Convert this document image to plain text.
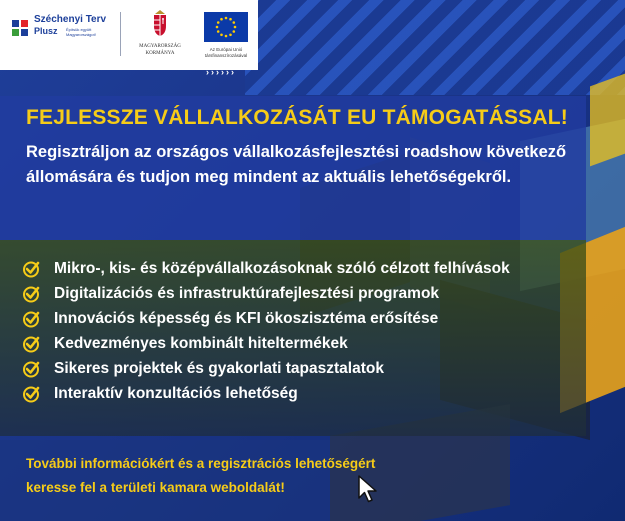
Széchenyi Terv
Plusz Építsük együtt Magyarországot!
MAGYARORSZÁG
KORMÁNYA
Az Európai Unió
társfinanszírozásával
› › › › › ›
FEJLESSZE VÁLLALKOZÁSÁT EU TÁMOGATÁSSAL!
Regisztráljon az országos vállalkozásfejlesztési roadshow következő állomására és tudjon meg mindent az aktuális lehetőségekről.
Mikro-, kis- és középvállalkozásoknak szóló célzott felhívások
Digitalizációs és infrastruktúrafejlesztési programok
Innovációs képesség és KFI ökoszisztéma erősítése
Kedvezményes kombinált hiteltermékek
Sikeres projektek és gyakorlati tapasztalatok
Interaktív konzultációs lehetőség
További információkért és a regisztrációs lehetőségért
keresse fel a területi kamara weboldalát!
